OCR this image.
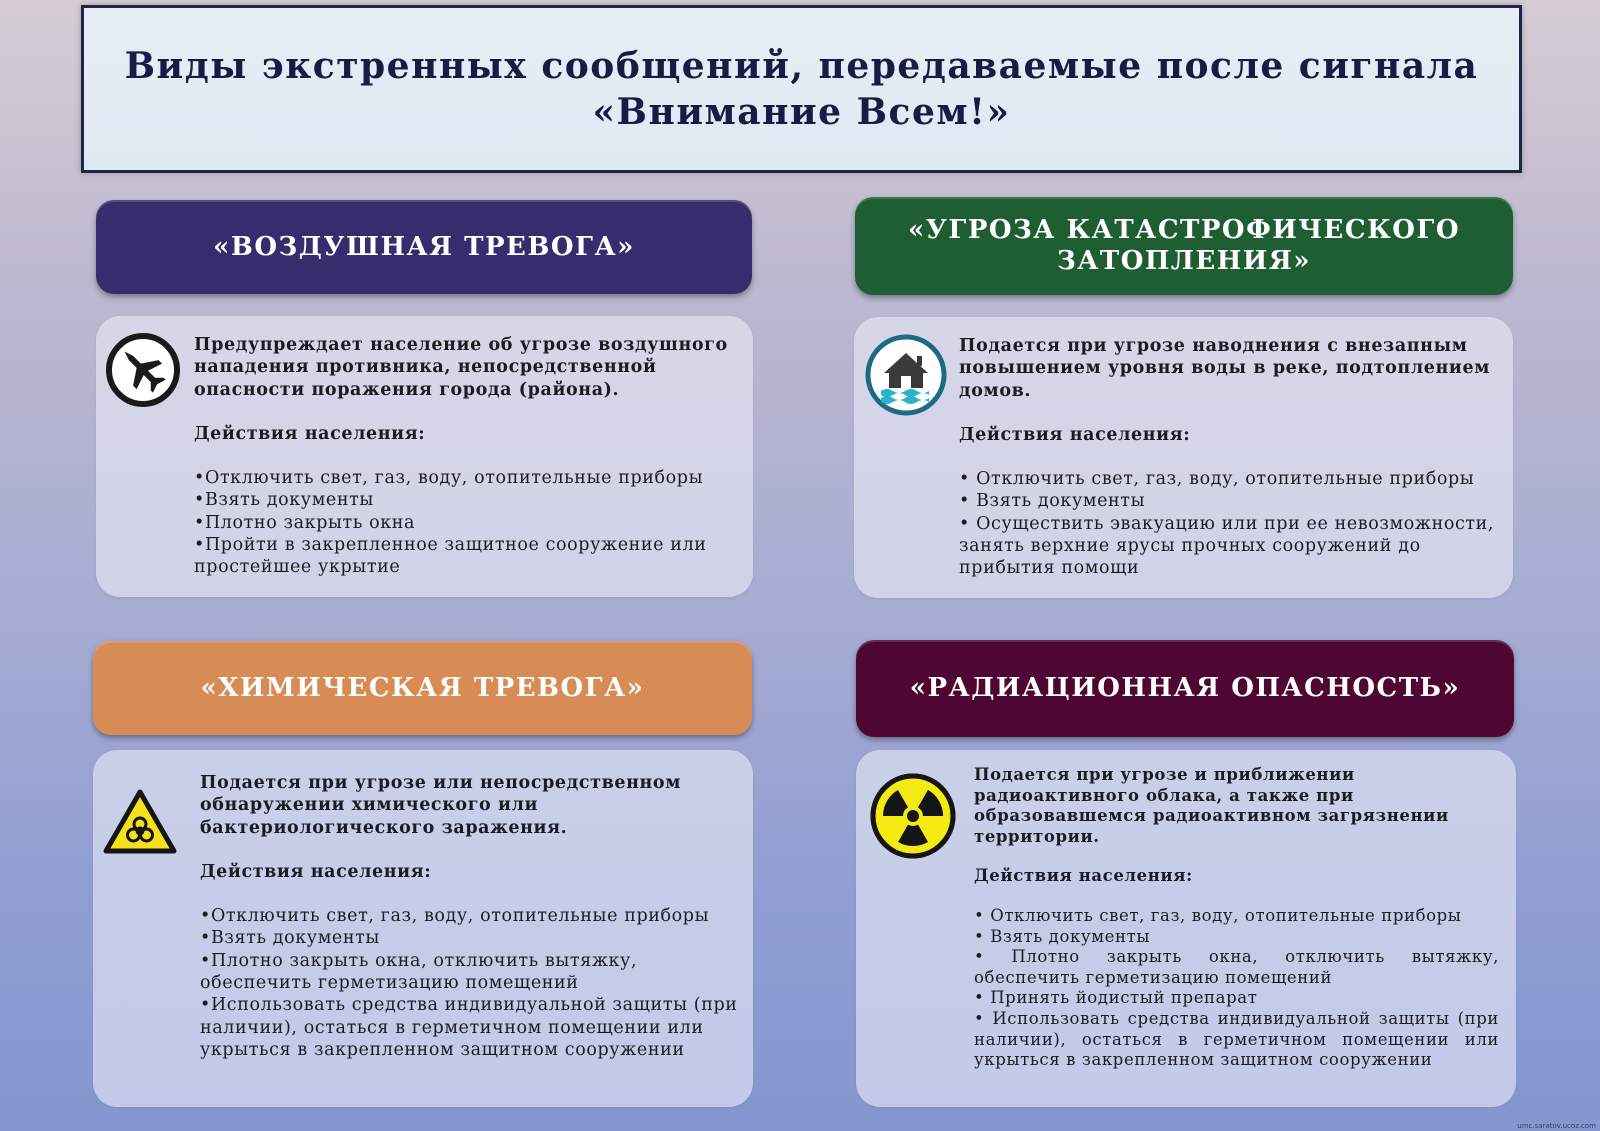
Виды экстренных сообщений, передаваемые после сигнала
«Внимание Всем!»
«ВОЗДУШНАЯ ТРЕВОГА»

Предупреждает население об угрозе воздушного нападения противника, непосредственной опасности поражения города (района).

Действия населения:

• Отключить свет, газ, воду, отопительные приборы
• Взять документы
• Плотно закрыть окна
• Пройти в закрепленное защитное сооружение или простейшее укрытие
«УГРОЗА КАТАСТРОФИЧЕСКОГО
ЗАТОПЛЕНИЯ»

Подается при угрозе наводнения с внезапным повышением уровня воды в реке, подтоплением домов.

Действия населения:

• Отключить свет, газ, воду, отопительные приборы
• Взять документы
• Осуществить эвакуацию или при ее невозможности, занять верхние ярусы прочных сооружений до прибытия помощи
«ХИМИЧЕСКАЯ ТРЕВОГА»

Подается при угрозе или непосредственном обнаружении химического или бактериологического заражения.

Действия населения:

• Отключить свет, газ, воду, отопительные приборы
• Взять документы
• Плотно закрыть окна, отключить вытяжку, обеспечить герметизацию помещений
• Использовать средства индивидуальной защиты (при наличии), остаться в герметичном помещении или укрыться в закрепленном защитном сооружении
«РАДИАЦИОННАЯ ОПАСНОСТЬ»

Подается при угрозе и приближении радиоактивного облака, а также при образовавшемся радиоактивном загрязнении территории.

Действия населения:

• Отключить свет, газ, воду, отопительные приборы
• Взять документы
• Плотно закрыть окна, отключить вытяжку, обеспечить герметизацию помещений
• Принять йодистый препарат
• Использовать средства индивидуальной защиты (при наличии), остаться в герметичном помещении или укрыться в закрепленном защитном сооружении
umc.saratov.ucoz.com
